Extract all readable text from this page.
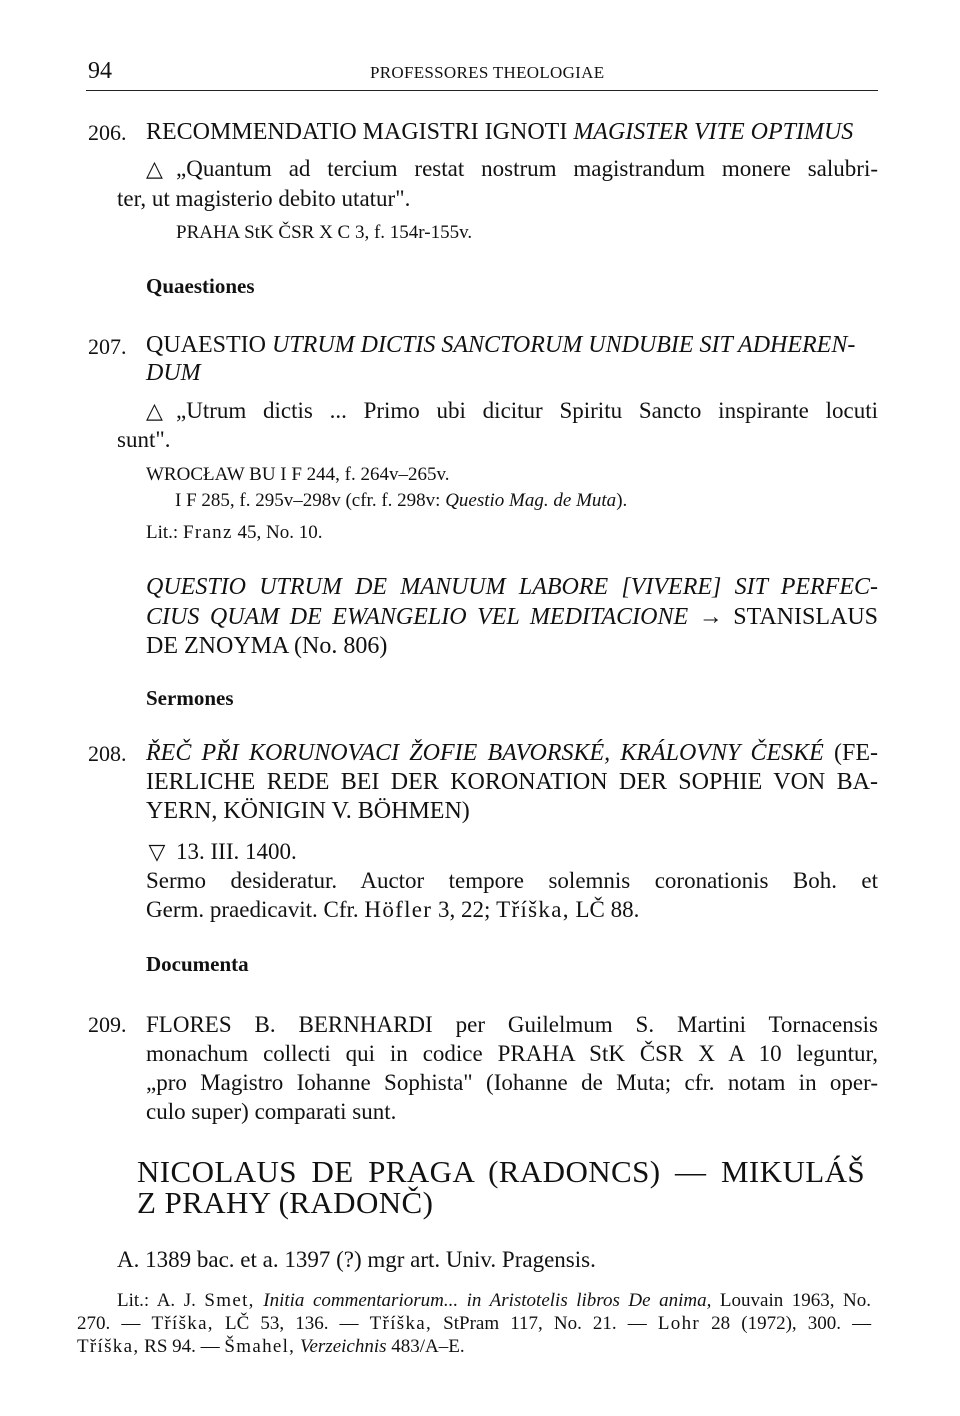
94	PROFESSORES THEOLOGIAE
206. RECOMMENDATIO MAGISTRI IGNOTI MAGISTER VITE OPTIMUS
△ „Quantum ad tercium restat nostrum magistrandum monere salubri-
ter, ut magisterio debito utatur".
PRAHA StK ČSR X C 3, f. 154r-155v.
Quaestiones
207. QUAESTIO UTRUM DICTIS SANCTORUM UNDUBIE SIT ADHEREN-
DUM
△ „Utrum dictis ... Primo ubi dicitur Spiritu Sancto inspirante locuti
sunt".
WROCŁAW BU I F 244, f. 264v–265v.
I F 285, f. 295v–298v (cfr. f. 298v: Questio Mag. de Muta).
Lit.: Franz 45, No. 10.
QUESTIO UTRUM DE MANUUM LABORE [VIVERE] SIT PERFEC-
CIUS QUAM DE EWANGELIO VEL MEDITACIONE → STANISLAUS
DE ZNOYMA (No. 806)
Sermones
208. ŘEČ PŘI KORUNOVACI ŽOFIE BAVORSKÉ, KRÁLOVNY ČESKÉ (FE-
IERLICHE REDE BEI DER KORONATION DER SOPHIE VON BA-
YERN, KÖNIGIN V. BÖHMEN)
▽ 13. III. 1400.
Sermo desideratur. Auctor tempore solemnis coronationis Boh. et
Germ. praedicavit. Cfr. Höfler 3, 22; Tříška, LČ 88.
Documenta
209. FLORES B. BERNHARDI per Guilelmum S. Martini Tornacensis
monachum collecti qui in codice PRAHA StK ČSR X A 10 leguntur,
„pro Magistro Iohanne Sophista" (Iohanne de Muta; cfr. notam in oper-
culo super) comparati sunt.
NICOLAUS DE PRAGA (RADONCS) — MIKULÁŠ
Z PRAHY (RADONČ)
A. 1389 bac. et a. 1397 (?) mgr art. Univ. Pragensis.
Lit.: A. J. Smet, Initia commentariorum... in Aristotelis libros De anima, Louvain 1963, No.
270. — Tříška, LČ 53, 136. — Tříška, StPram 117, No. 21. — Lohr 28 (1972), 300. —
Tříška, RS 94. — Šmahel, Verzeichnis 483/A–E.
